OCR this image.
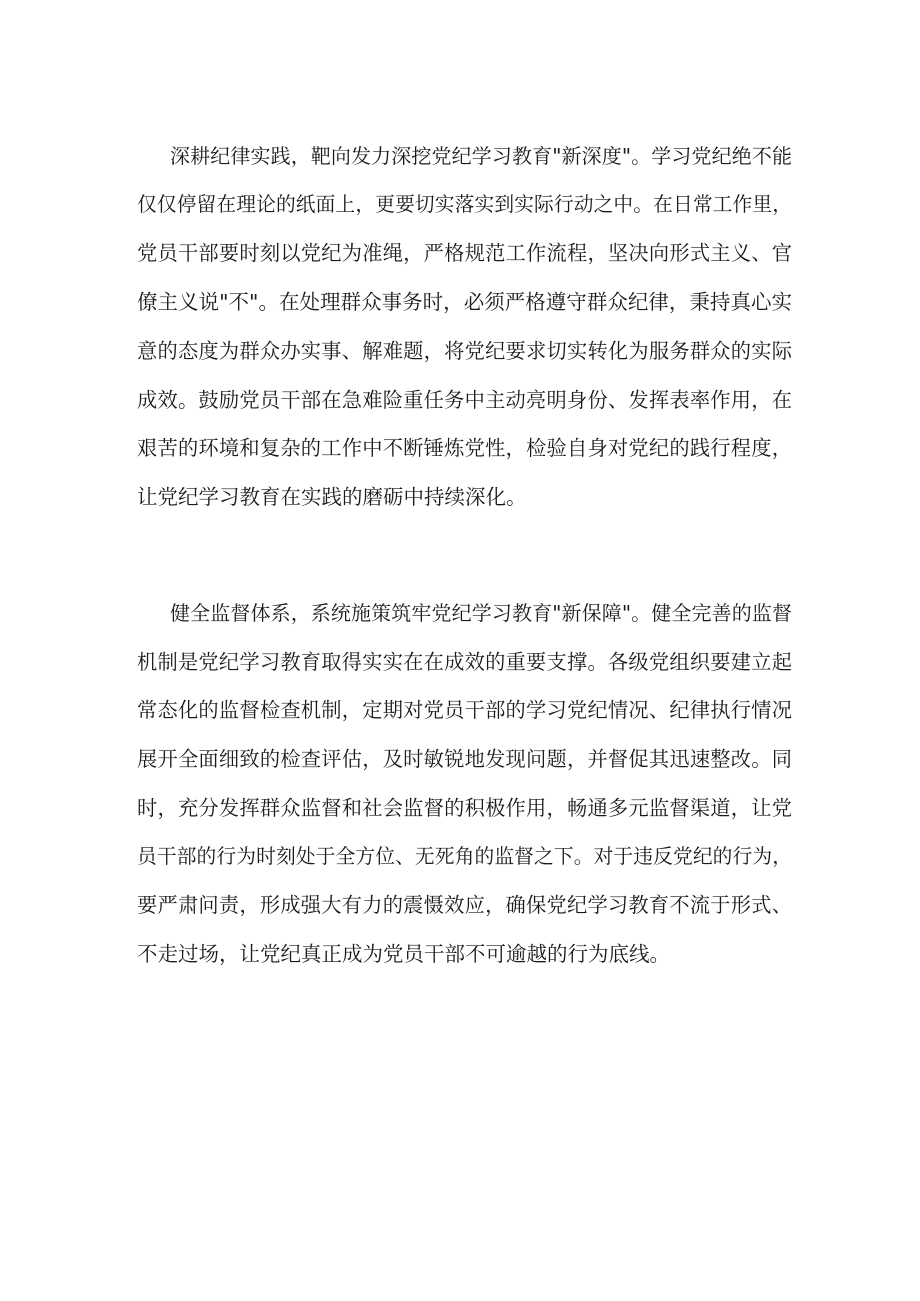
深耕纪律实践，靶向发力深挖党纪学习教育"新深度"。学习党纪绝不能
仅仅停留在理论的纸面上，更要切实落实到实际行动之中。在日常工作里，
党员干部要时刻以党纪为准绳，严格规范工作流程，坚决向形式主义、官
僚主义说"不"。在处理群众事务时，必须严格遵守群众纪律，秉持真心实
意的态度为群众办实事、解难题，将党纪要求切实转化为服务群众的实际
成效。鼓励党员干部在急难险重任务中主动亮明身份、发挥表率作用，在
艰苦的环境和复杂的工作中不断锤炼党性，检验自身对党纪的践行程度，
让党纪学习教育在实践的磨砺中持续深化。
健全监督体系，系统施策筑牢党纪学习教育"新保障"。健全完善的监督
机制是党纪学习教育取得实实在在成效的重要支撑。各级党组织要建立起
常态化的监督检查机制，定期对党员干部的学习党纪情况、纪律执行情况
展开全面细致的检查评估，及时敏锐地发现问题，并督促其迅速整改。同
时，充分发挥群众监督和社会监督的积极作用，畅通多元监督渠道，让党
员干部的行为时刻处于全方位、无死角的监督之下。对于违反党纪的行为，
要严肃问责，形成强大有力的震慑效应，确保党纪学习教育不流于形式、
不走过场，让党纪真正成为党员干部不可逾越的行为底线。
